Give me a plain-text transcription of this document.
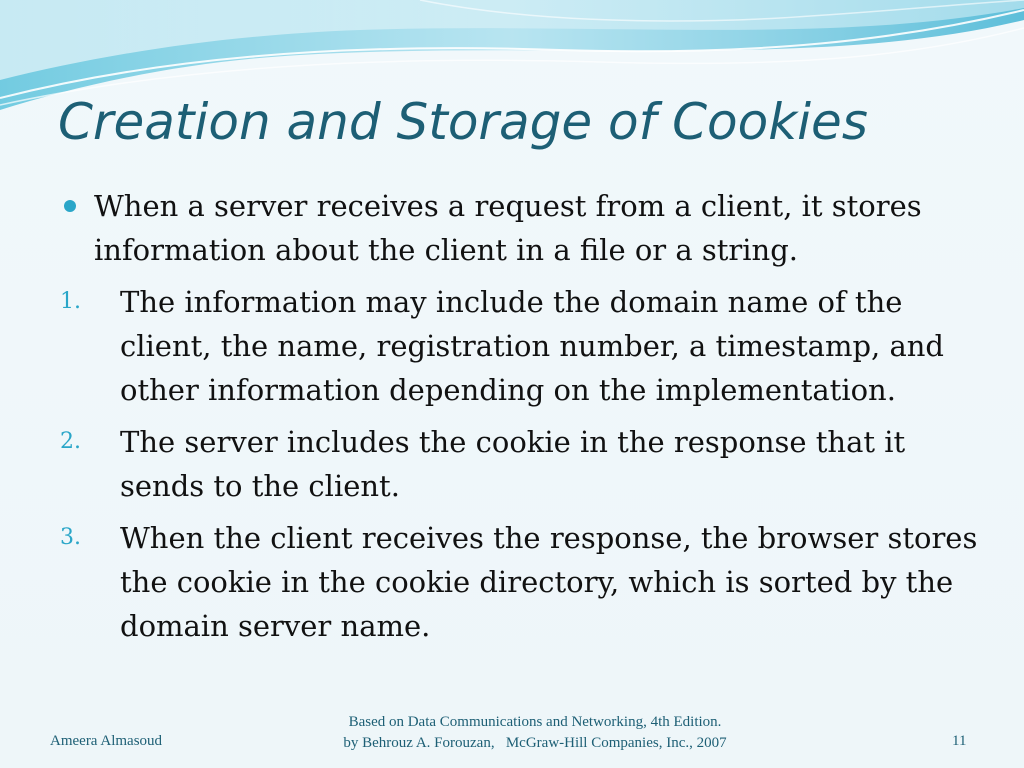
Creation and Storage of Cookies
When a server receives a request from a client, it stores information about the client in a file or a string.
1. The information may include the domain name of the client, the name, registration number, a timestamp, and other information depending on the implementation.
2. The server includes the cookie in the response that it sends to the client.
3. When the client receives the response, the browser stores the cookie in the cookie directory, which is sorted by the domain server name.
Ameera Almasoud
Based on Data Communications and Networking, 4th Edition.
by Behrouz A. Forouzan,   McGraw-Hill Companies, Inc., 2007	11
